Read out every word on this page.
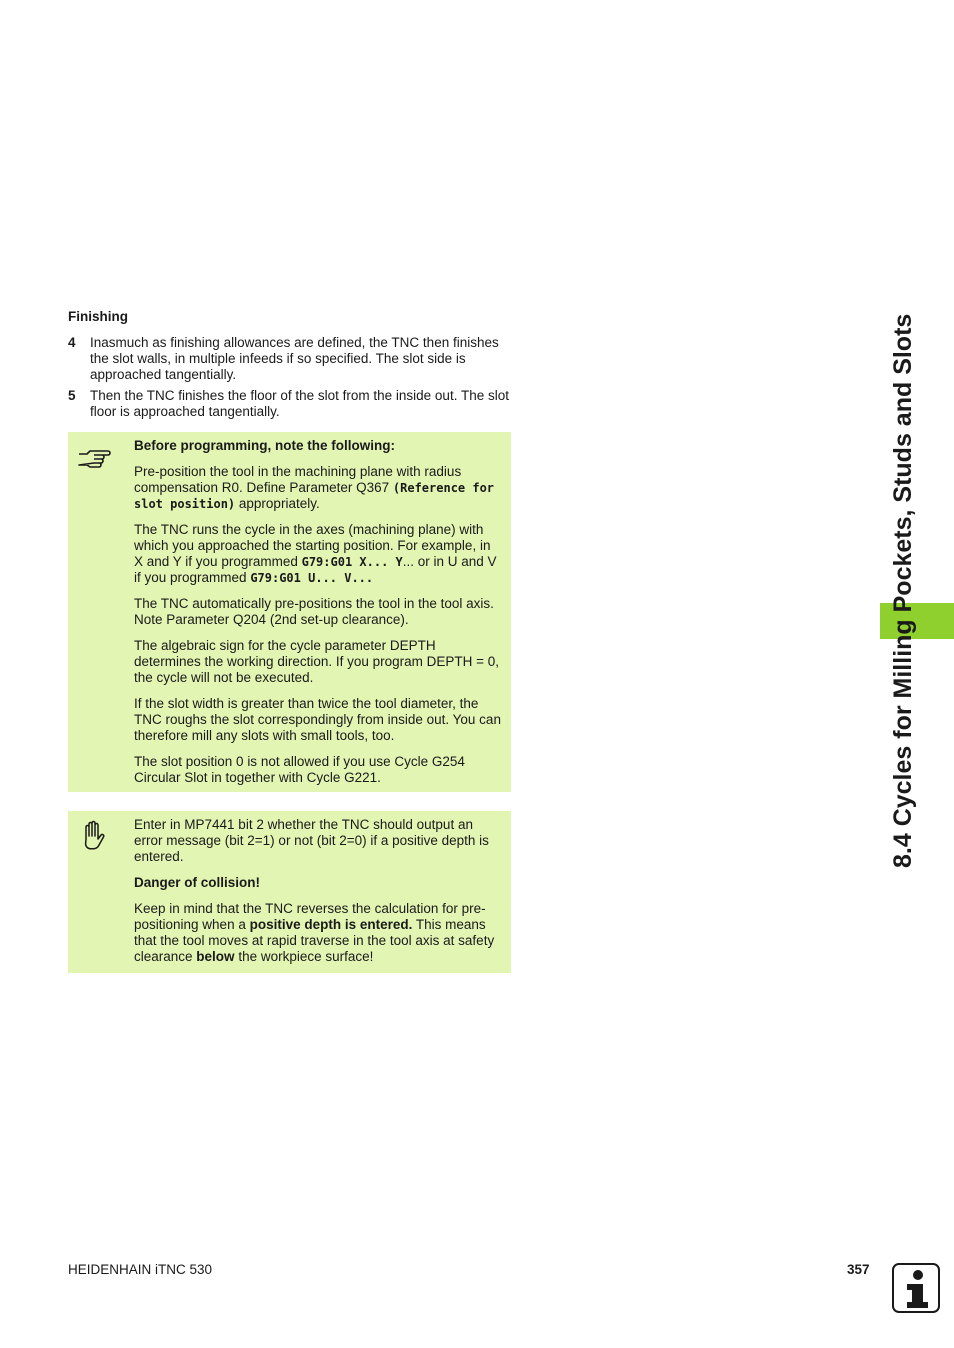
Finishing
4 Inasmuch as finishing allowances are defined, the TNC then finishes the slot walls, in multiple infeeds if so specified. The slot side is approached tangentially.
5 Then the TNC finishes the floor of the slot from the inside out. The slot floor is approached tangentially.

Before programming, note the following:

Pre-position the tool in the machining plane with radius compensation R0. Define Parameter Q367 (Reference for slot position) appropriately.

The TNC runs the cycle in the axes (machining plane) with which you approached the starting position. For example, in X and Y if you programmed G79:G01 X... Y... or in U and V if you programmed G79:G01 U... V...

The TNC automatically pre-positions the tool in the tool axis. Note Parameter Q204 (2nd set-up clearance).

The algebraic sign for the cycle parameter DEPTH determines the working direction. If you program DEPTH = 0, the cycle will not be executed.

If the slot width is greater than twice the tool diameter, the TNC roughs the slot correspondingly from inside out. You can therefore mill any slots with small tools, too.

The slot position 0 is not allowed if you use Cycle G254 Circular Slot in together with Cycle G221.

Enter in MP7441 bit 2 whether the TNC should output an error message (bit 2=1) or not (bit 2=0) if a positive depth is entered.

Danger of collision!

Keep in mind that the TNC reverses the calculation for pre-positioning when a positive depth is entered. This means that the tool moves at rapid traverse in the tool axis at safety clearance below the workpiece surface!

8.4 Cycles for Milling Pockets, Studs and Slots
HEIDENHAIN iTNC 530	357
